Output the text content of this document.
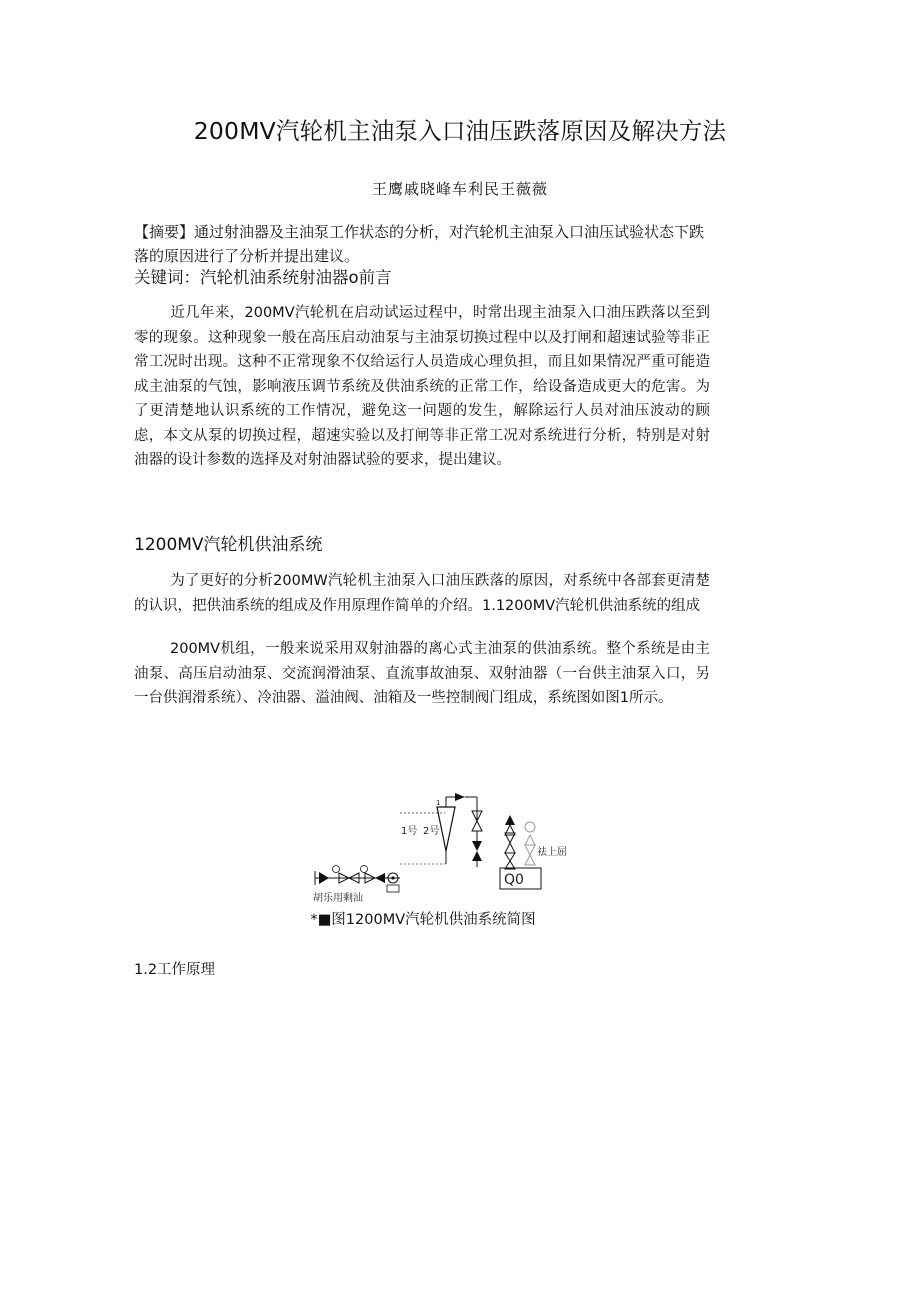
200MV汽轮机主油泵入口油压跌落原因及解决方法
王鹰戚晓峰车利民王薇薇

【摘要】通过射油器及主油泵工作状态的分析，对汽轮机主油泵入口油压试验状态下跌落的原因进行了分析并提出建议。

关键词：汽轮机油系统射油器o前言

近几年来，200MV汽轮机在启动试运过程中，时常出现主油泵入口油压跌落以至到零的现象。这种现象一般在高压启动油泵与主油泵切换过程中以及打闸和超速试验等非正常工况时出现。这种不正常现象不仅给运行人员造成心理负担，而且如果情况严重可能造成主油泵的气蚀，影响液压调节系统及供油系统的正常工作，给设备造成更大的危害。为了更清楚地认识系统的工作情况，避免这一问题的发生，解除运行人员对油压波动的顾虑，本文从泵的切换过程，超速实验以及打闸等非正常工况对系统进行分析，特别是对射油器的设计参数的选择及对射油器试验的要求，提出建议。

1200MV汽轮机供油系统

为了更好的分析200MW汽轮机主油泵入口油压跌落的原因，对系统中各部套更清楚的认识，把供油系统的组成及作用原理作简单的介绍。1.1200MV汽轮机供油系统的组成

200MV机组，一般来说采用双射油器的离心式主油泵的供油系统。整个系统是由主油泵、高压启动油泵、交流润滑油泵、直流事故油泵、双射油器（一台供主油泵入口，另一台供润滑系统）、冷油器、溢油阀、油箱及一些控制阀门组成，系统图如图1所示。

1
1号 2号
祛上屈
Q0
胡乐用剩汕
*■图1200MV汽轮机供油系统简图

1.2工作原理
